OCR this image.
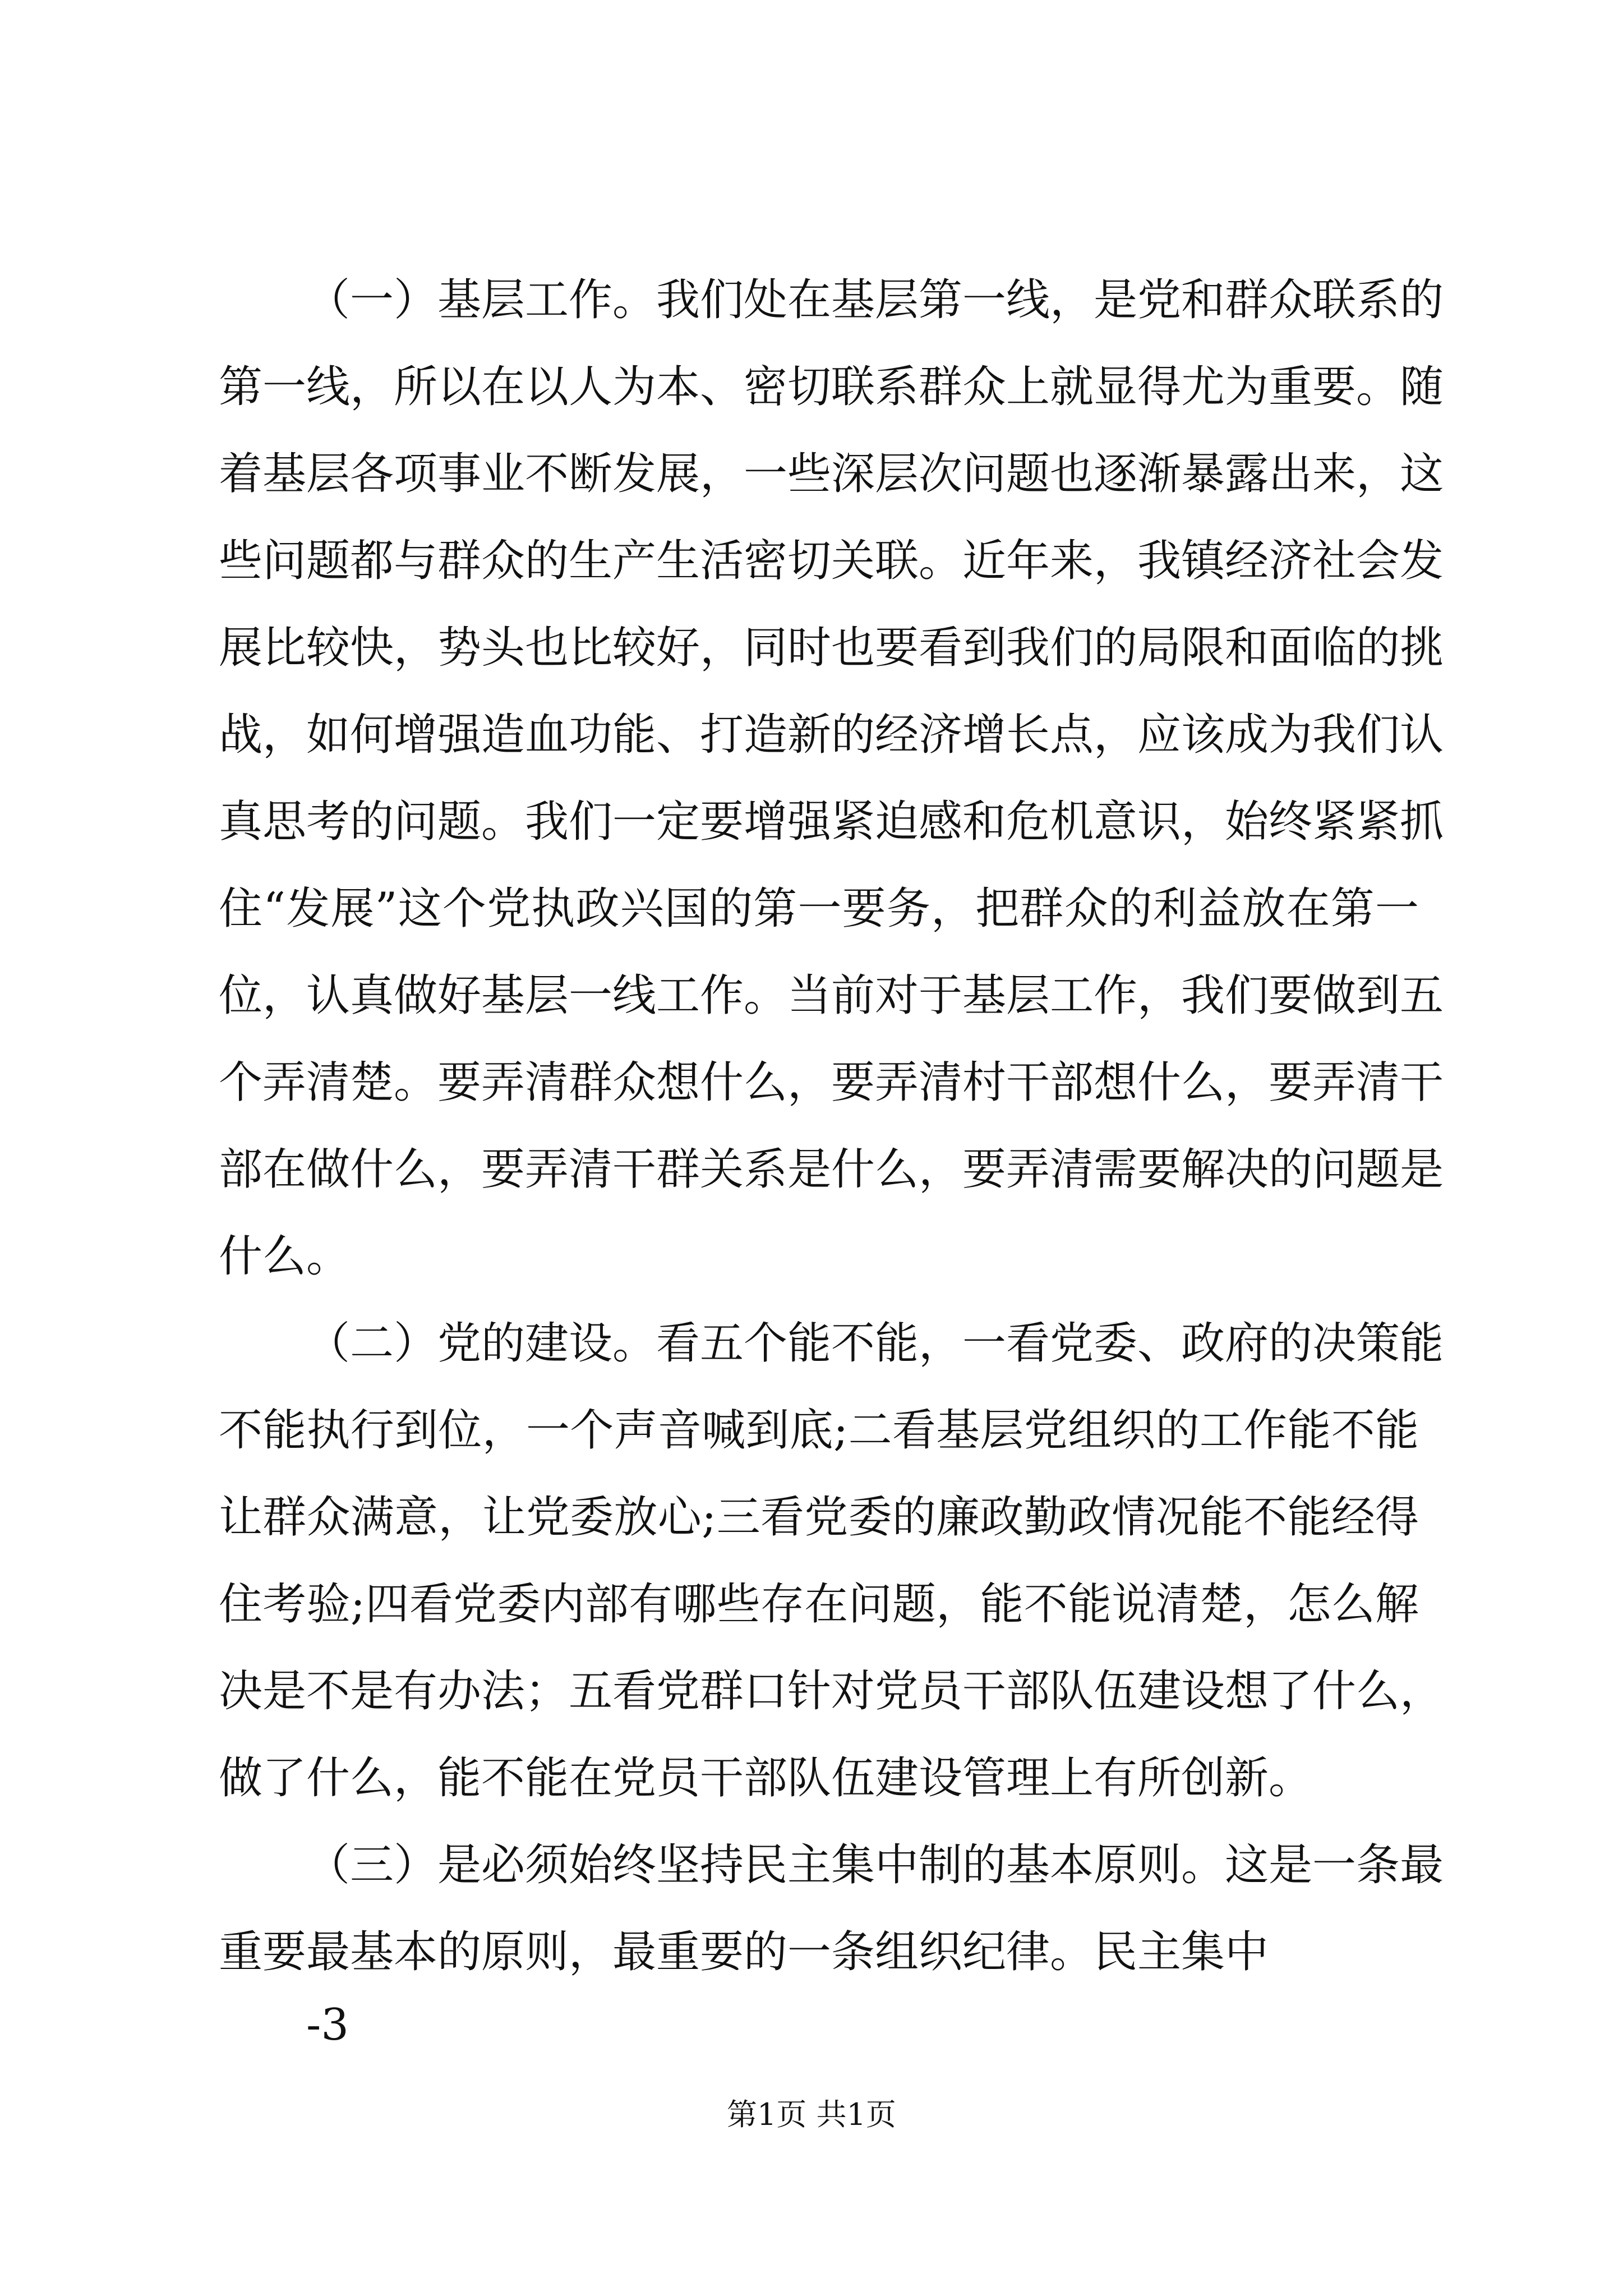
（一）基层工作。我们处在基层第一线，是党和群众联系的

第一线，所以在以人为本、密切联系群众上就显得尤为重要。随

着基层各项事业不断发展，一些深层次问题也逐渐暴露出来，这

些问题都与群众的生产生活密切关联。近年来，我镇经济社会发

展比较快，势头也比较好，同时也要看到我们的局限和面临的挑

战，如何增强造血功能、打造新的经济增长点，应该成为我们认

真思考的问题。我们一定要增强紧迫感和危机意识，始终紧紧抓

住“发展”这个党执政兴国的第一要务，把群众的利益放在第一

位，认真做好基层一线工作。当前对于基层工作，我们要做到五

个弄清楚。要弄清群众想什么，要弄清村干部想什么，要弄清干

部在做什么，要弄清干群关系是什么，要弄清需要解决的问题是

什么。

（二）党的建设。看五个能不能，一看党委、政府的决策能

不能执行到位，一个声音喊到底;二看基层党组织的工作能不能

让群众满意，让党委放心;三看党委的廉政勤政情况能不能经得

住考验;四看党委内部有哪些存在问题，能不能说清楚，怎么解

决是不是有办法；五看党群口针对党员干部队伍建设想了什么，

做了什么，能不能在党员干部队伍建设管理上有所创新。

（三）是必须始终坚持民主集中制的基本原则。这是一条最

重要最基本的原则，最重要的一条组织纪律。民主集中

-3
第1页 共1页
